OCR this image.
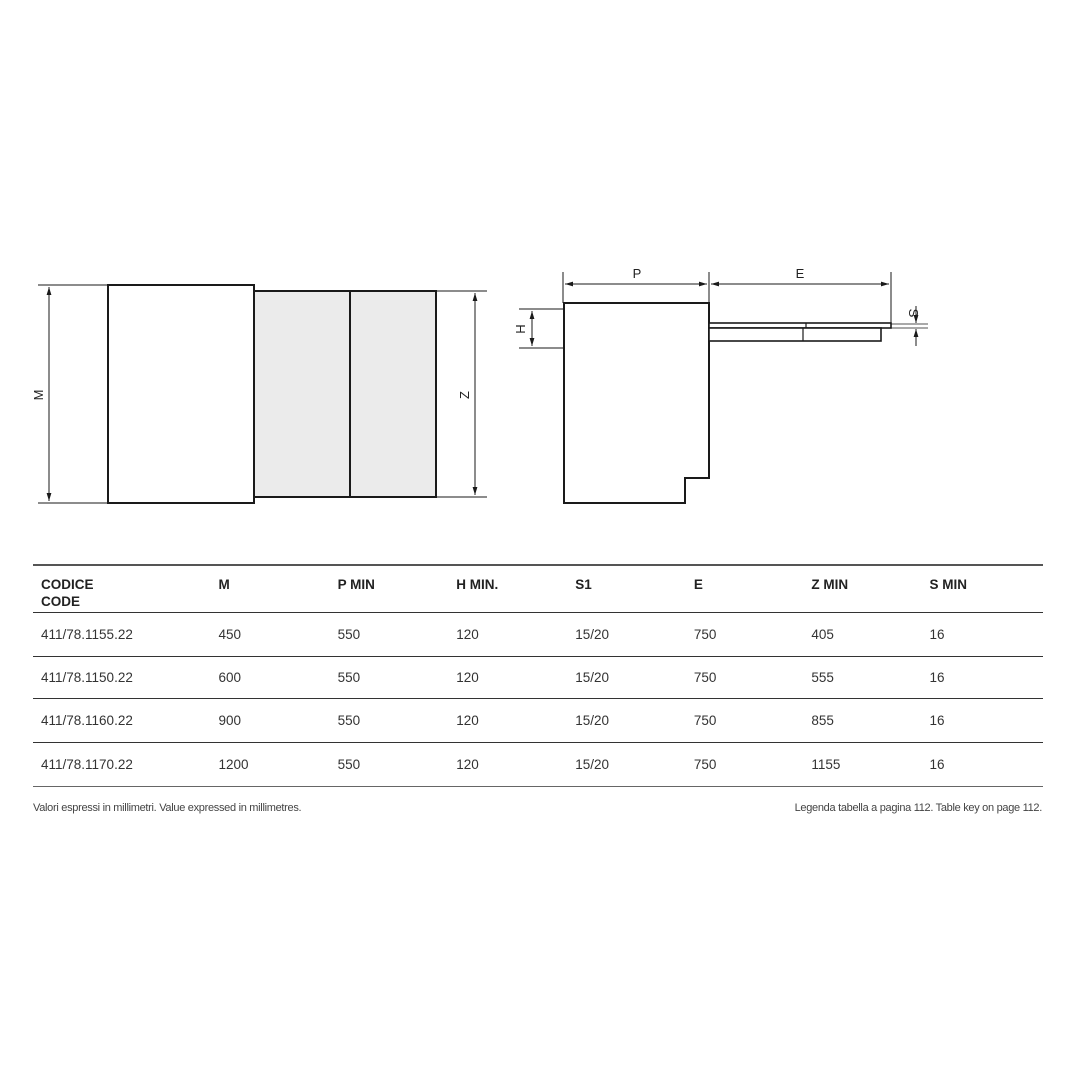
M	Z
P	E
H
S
CODICE
CODE	M	P MIN	H MIN.	S1	E	Z MIN	S MIN
411/78.1155.22	450	550	120	15/20	750	405	16
411/78.1150.22	600	550	120	15/20	750	555	16
411/78.1160.22	900	550	120	15/20	750	855	16
411/78.1170.22	1200	550	120	15/20	750	1155	16
Valori espressi in millimetri. Value expressed in millimetres.	Legenda tabella a pagina 112. Table key on page 112.
